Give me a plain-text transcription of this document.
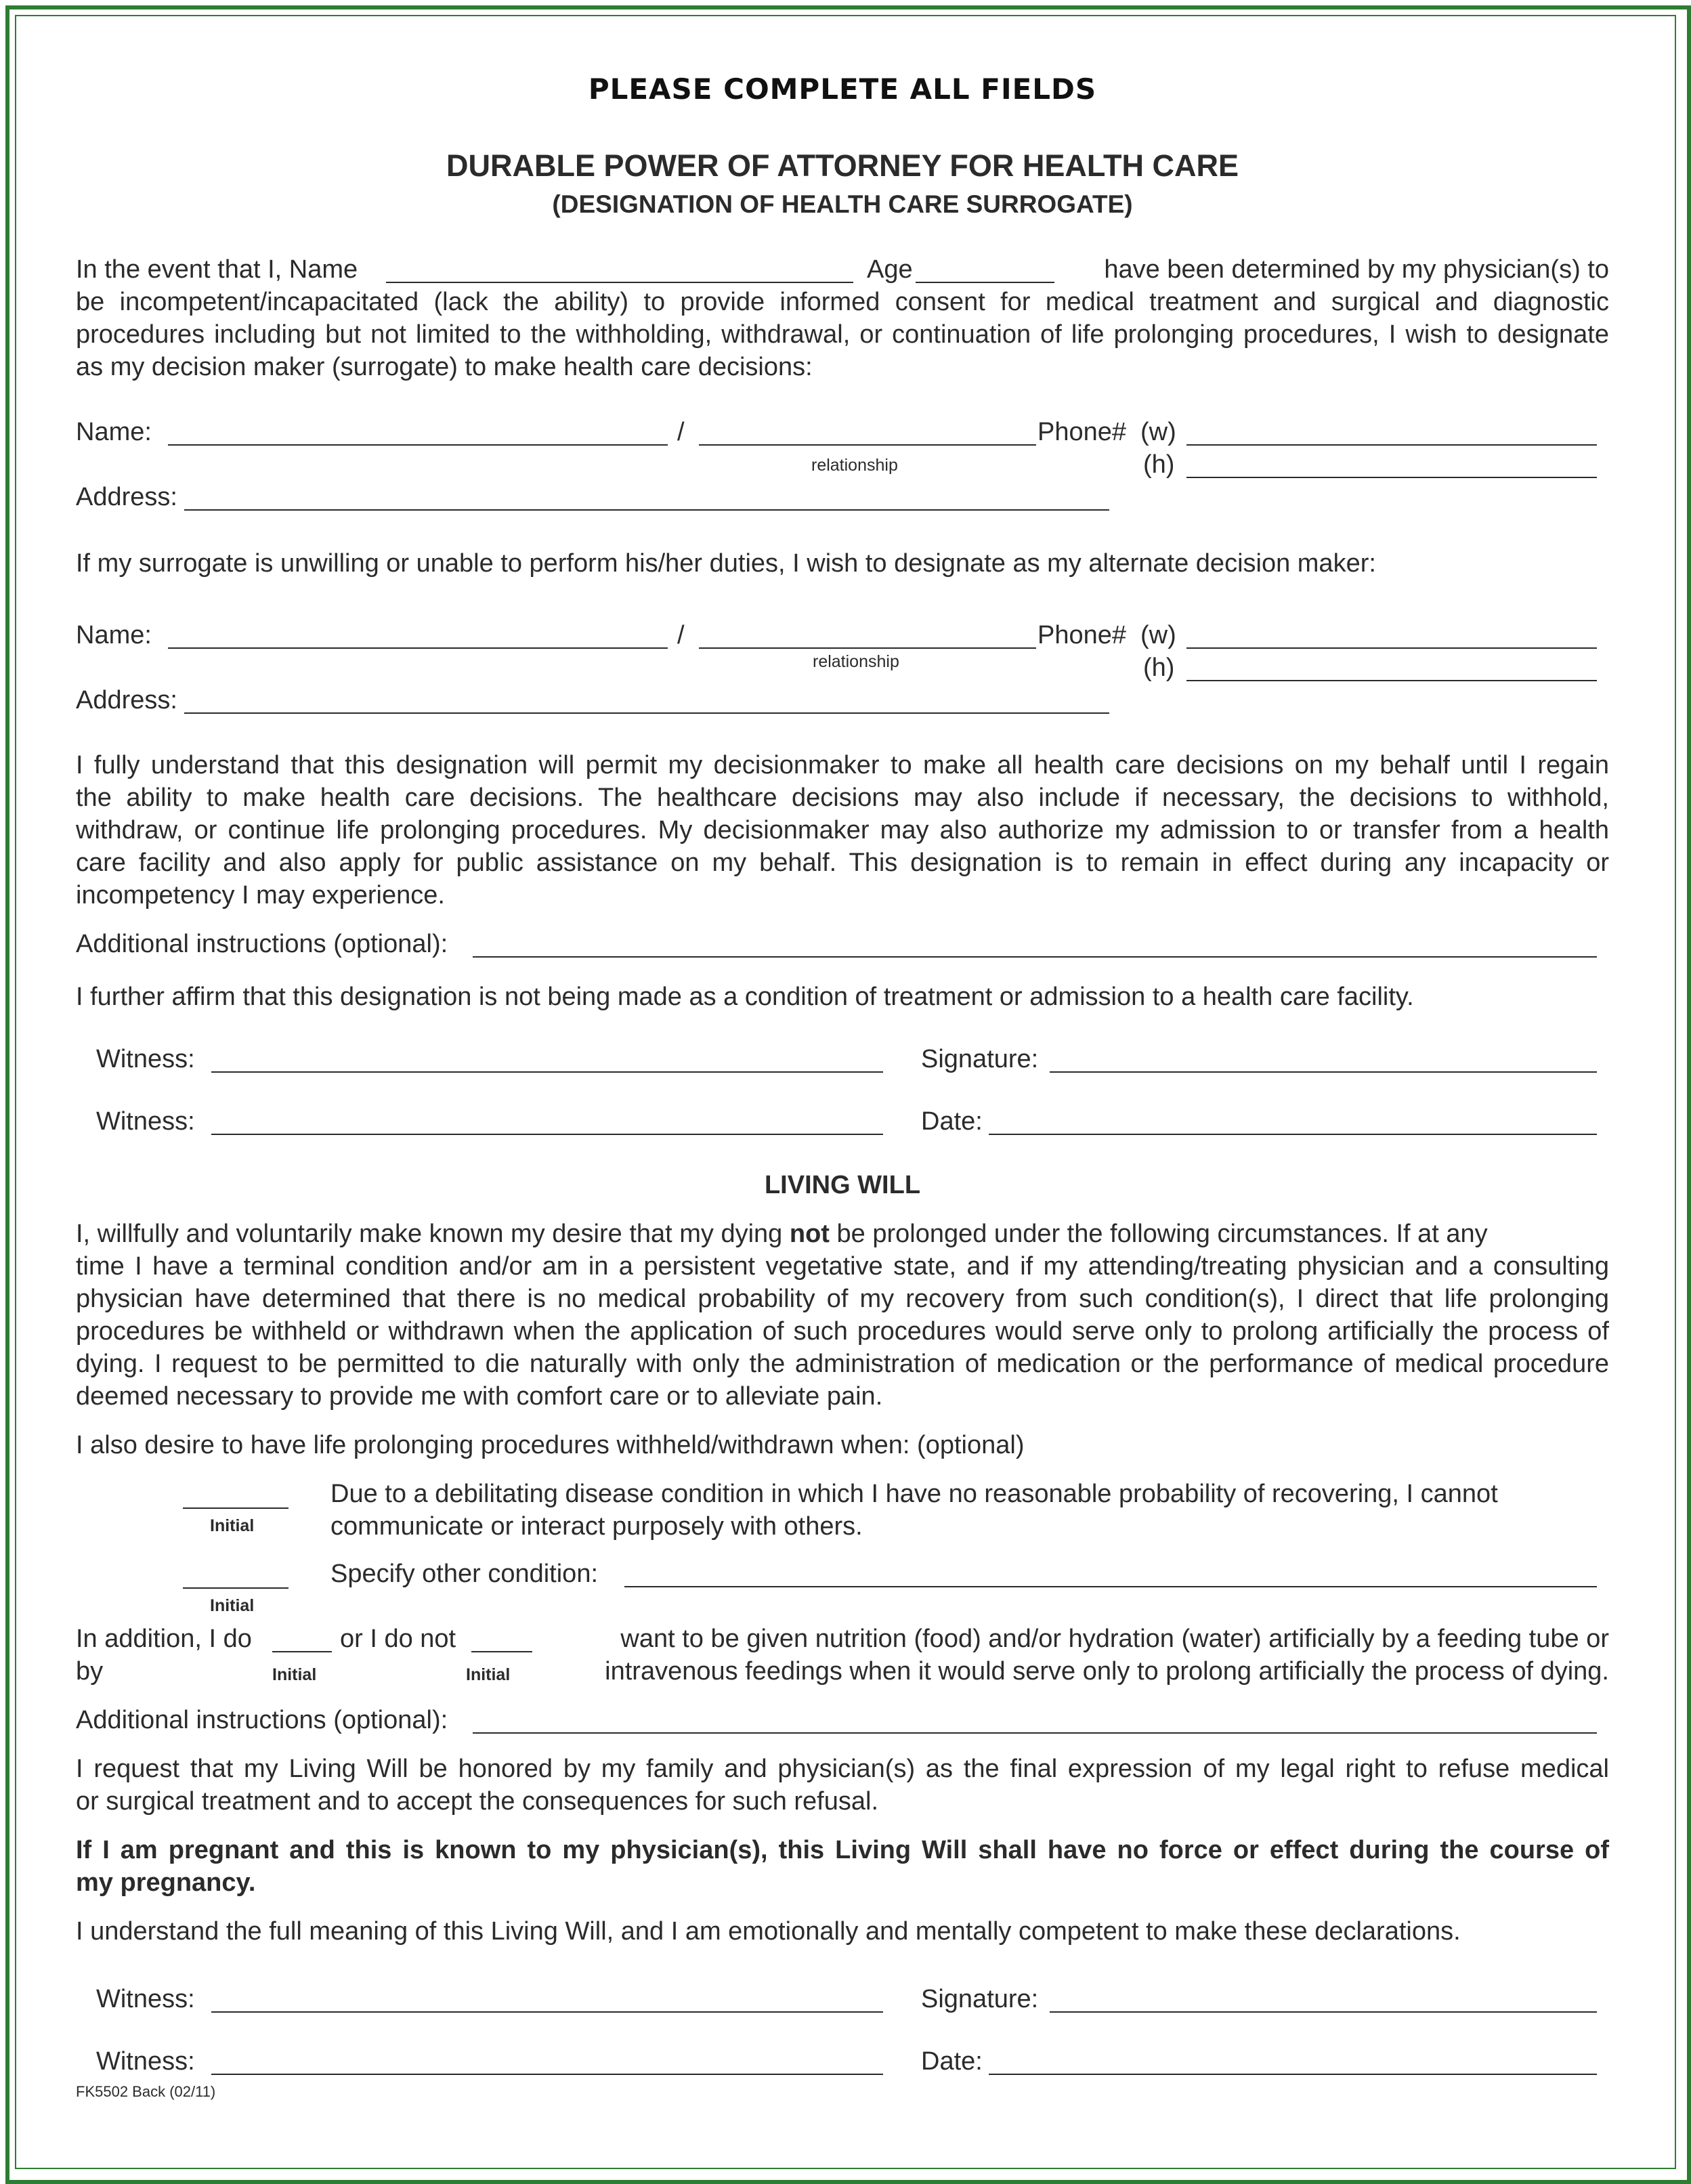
PLEASE COMPLETE ALL FIELDS
DURABLE POWER OF ATTORNEY FOR HEALTH CARE
(DESIGNATION OF HEALTH CARE SURROGATE)
In the event that I, Name	Age	have been determined by my physician(s) to
be incompetent/incapacitated (lack the ability) to provide informed consent for medical treatment and surgical and diagnostic
procedures including but not limited to the withholding, withdrawal, or continuation of life prolonging procedures, I wish to designate
as my decision maker (surrogate) to make health care decisions:
Name:	/
relationship
Phone# (w)
(h)
Address:
If my surrogate is unwilling or unable to perform his/her duties, I wish to designate as my alternate decision maker:
Name:	/
relationship
Phone# (w)
(h)
Address:
I fully understand that this designation will permit my decisionmaker to make all health care decisions on my behalf until I regain
the ability to make health care decisions. The healthcare decisions may also include if necessary, the decisions to withhold,
withdraw, or continue life prolonging procedures. My decisionmaker may also authorize my admission to or transfer from a health
care facility and also apply for public assistance on my behalf. This designation is to remain in effect during any incapacity or
incompetency I may experience.
Additional instructions (optional):
I further affirm that this designation is not being made as a condition of treatment or admission to a health care facility.
Witness:	Signature:
Witness:	Date:
LIVING WILL
I, willfully and voluntarily make known my desire that my dying not be prolonged under the following circumstances. If at any
time I have a terminal condition and/or am in a persistent vegetative state, and if my attending/treating physician and a consulting
physician have determined that there is no medical probability of my recovery from such condition(s), I direct that life prolonging
procedures be withheld or withdrawn when the application of such procedures would serve only to prolong artificially the process of
dying. I request to be permitted to die naturally with only the administration of medication or the performance of medical procedure
deemed necessary to provide me with comfort care or to alleviate pain.
I also desire to have life prolonging procedures withheld/withdrawn when: (optional)
Initial
Due to a debilitating disease condition in which I have no reasonable probability of recovering, I cannot
communicate or interact purposely with others.
Initial
Specify other condition:
In addition, I do
Initial
or I do not
Initial
want to be given nutrition (food) and/or hydration (water) artificially by a feeding tube or
by	intravenous feedings when it would serve only to prolong artificially the process of dying.
Additional instructions (optional):
I request that my Living Will be honored by my family and physician(s) as the final expression of my legal right to refuse medical
or surgical treatment and to accept the consequences for such refusal.
If I am pregnant and this is known to my physician(s), this Living Will shall have no force or effect during the course of
my pregnancy.
I understand the full meaning of this Living Will, and I am emotionally and mentally competent to make these declarations.
Witness:	Signature:
Witness:	Date:
FK5502 Back (02/11)
